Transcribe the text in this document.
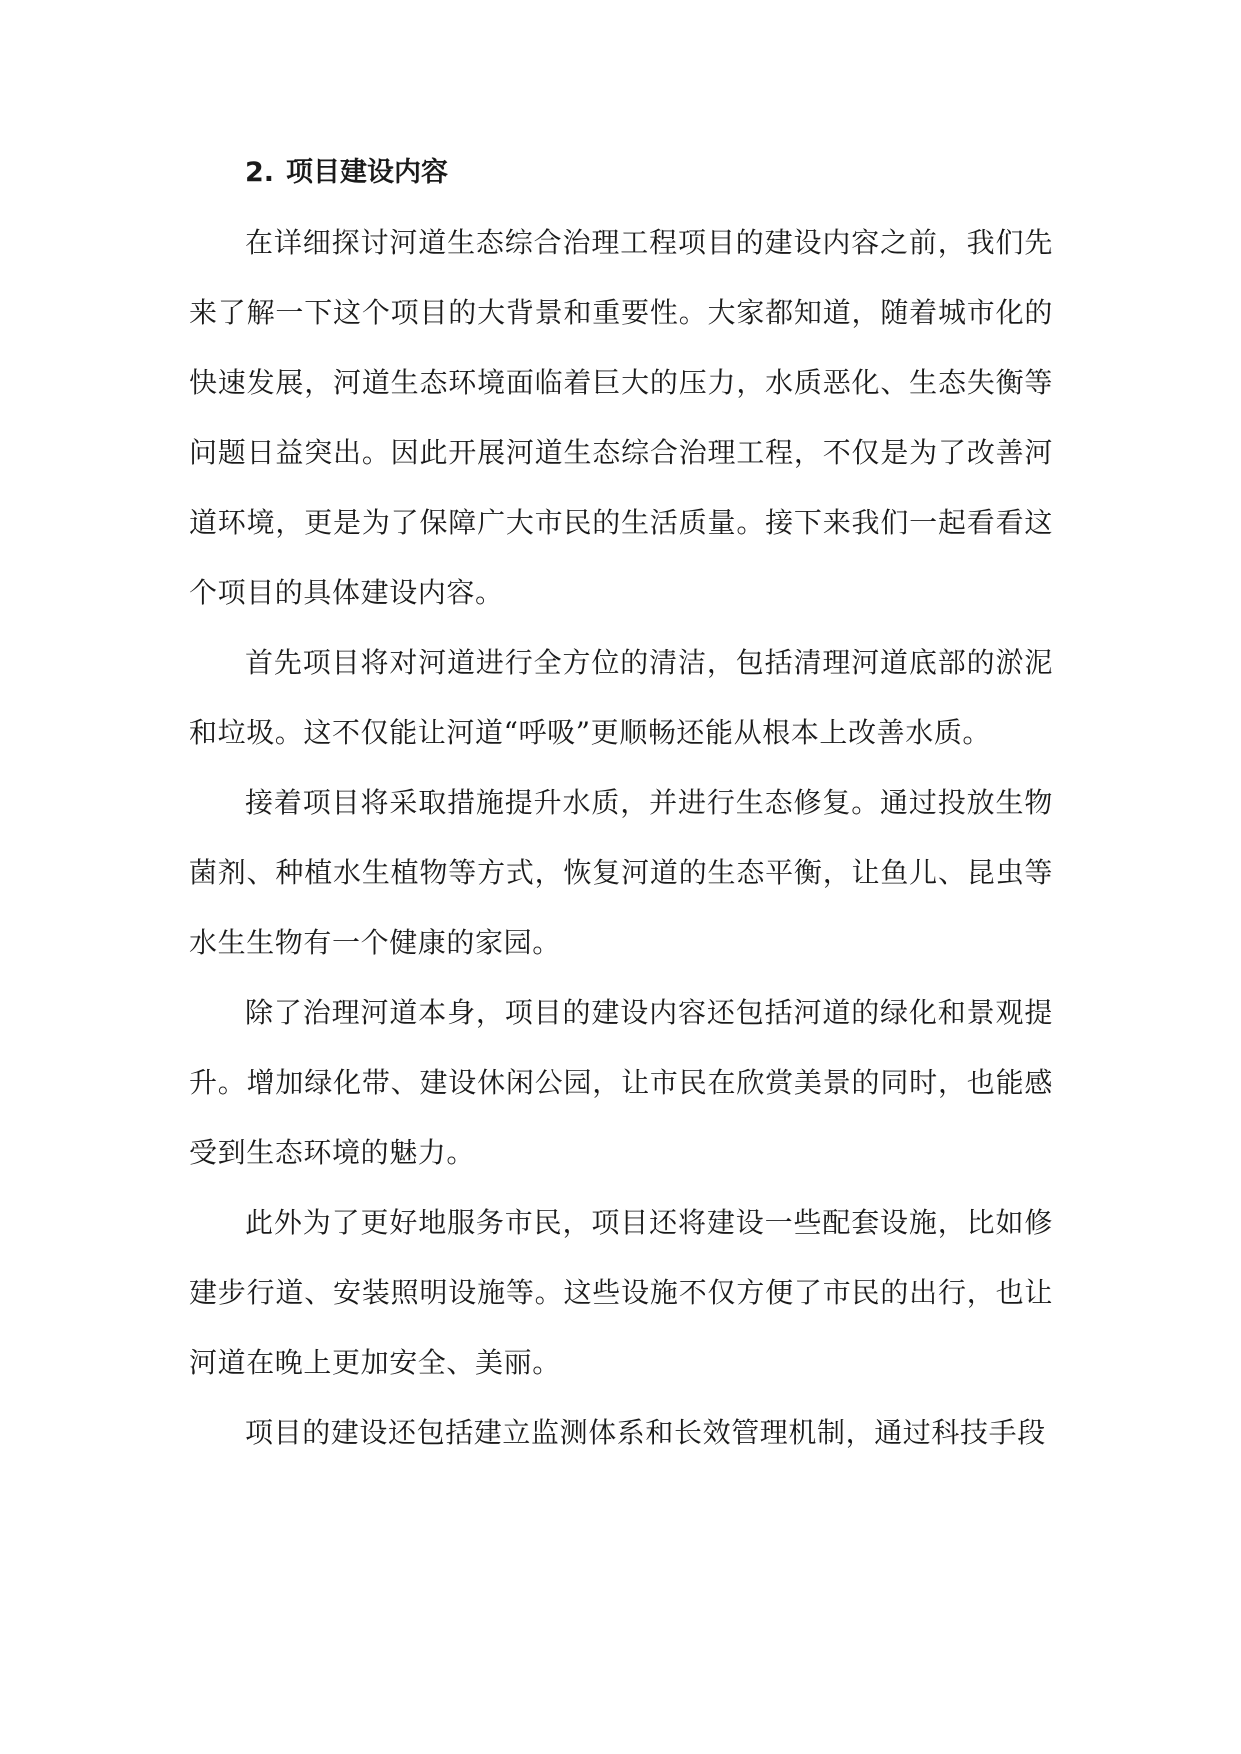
2. 项目建设内容

在详细探讨河道生态综合治理工程项目的建设内容之前，我们先来了解一下这个项目的大背景和重要性。大家都知道，随着城市化的快速发展，河道生态环境面临着巨大的压力，水质恶化、生态失衡等问题日益突出。因此开展河道生态综合治理工程，不仅是为了改善河道环境，更是为了保障广大市民的生活质量。接下来我们一起看看这个项目的具体建设内容。

首先项目将对河道进行全方位的清洁，包括清理河道底部的淤泥和垃圾。这不仅能让河道“呼吸”更顺畅还能从根本上改善水质。

接着项目将采取措施提升水质，并进行生态修复。通过投放生物菌剂、种植水生植物等方式，恢复河道的生态平衡，让鱼儿、昆虫等水生生物有一个健康的家园。

除了治理河道本身，项目的建设内容还包括河道的绿化和景观提升。增加绿化带、建设休闲公园，让市民在欣赏美景的同时，也能感受到生态环境的魅力。

此外为了更好地服务市民，项目还将建设一些配套设施，比如修建步行道、安装照明设施等。这些设施不仅方便了市民的出行，也让河道在晚上更加安全、美丽。

项目的建设还包括建立监测体系和长效管理机制，通过科技手段
